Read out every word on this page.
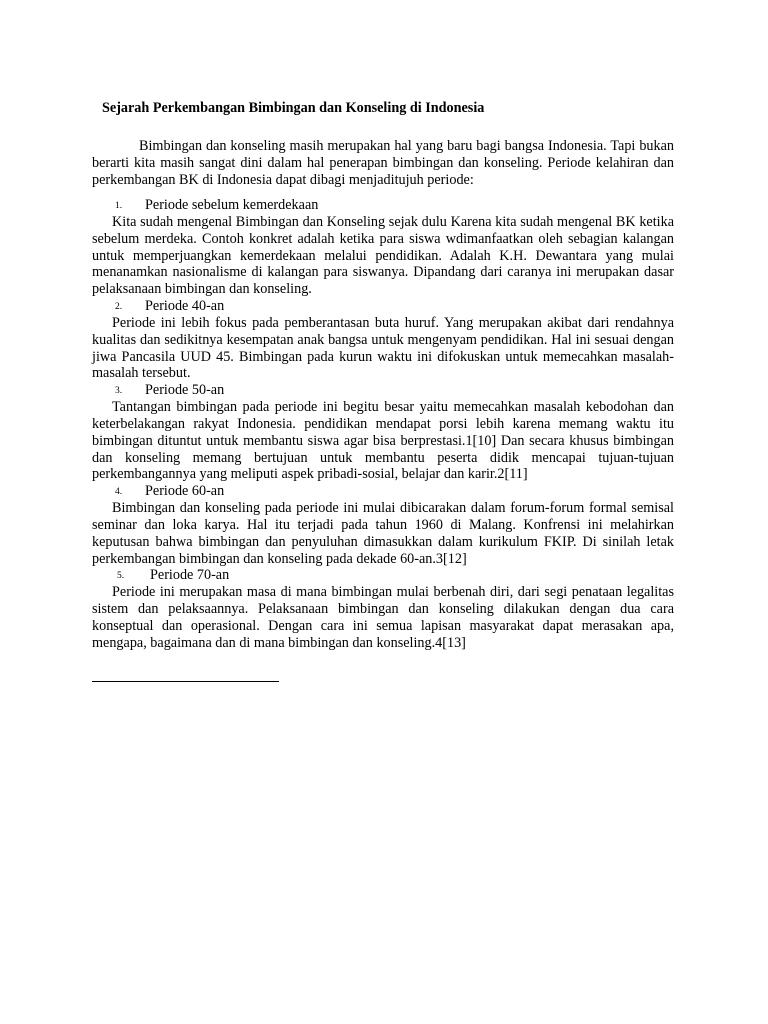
Sejarah Perkembangan Bimbingan dan Konseling di Indonesia

Bimbingan dan konseling masih merupakan hal yang baru bagi bangsa Indonesia. Tapi bukan berarti kita masih sangat dini dalam hal penerapan bimbingan dan konseling. Periode kelahiran dan perkembangan BK di Indonesia dapat dibagi menjaditujuh periode:

1. Periode sebelum kemerdekaan

Kita sudah mengenal Bimbingan dan Konseling sejak dulu Karena kita sudah mengenal BK ketika sebelum merdeka. Contoh konkret adalah ketika para siswa wdimanfaatkan oleh sebagian kalangan untuk memperjuangkan kemerdekaan melalui pendidikan. Adalah K.H. Dewantara yang mulai menanamkan nasionalisme di kalangan para siswanya. Dipandang dari caranya ini merupakan dasar pelaksanaan bimbingan dan konseling.

2. Periode 40-an

Periode ini lebih fokus pada pemberantasan buta huruf. Yang merupakan akibat dari rendahnya kualitas dan sedikitnya kesempatan anak bangsa untuk mengenyam pendidikan. Hal ini sesuai dengan jiwa Pancasila UUD 45. Bimbingan pada kurun waktu ini difokuskan untuk memecahkan masalah-masalah tersebut.

3. Periode 50-an

Tantangan bimbingan pada periode ini begitu besar yaitu memecahkan masalah kebodohan dan keterbelakangan rakyat Indonesia. pendidikan mendapat porsi lebih karena memang waktu itu bimbingan dituntut untuk membantu siswa agar bisa berprestasi.1[10] Dan secara khusus bimbingan dan konseling memang bertujuan untuk membantu peserta didik mencapai tujuan-tujuan perkembangannya yang meliputi aspek pribadi-sosial, belajar dan karir.2[11]

4. Periode 60-an

Bimbingan dan konseling pada periode ini mulai dibicarakan dalam forum-forum formal semisal seminar dan loka karya. Hal itu terjadi pada tahun 1960 di Malang. Konfrensi ini melahirkan keputusan bahwa bimbingan dan penyuluhan dimasukkan dalam kurikulum FKIP. Di sinilah letak perkembangan bimbingan dan konseling pada dekade 60-an.3[12]

5. Periode 70-an

Periode ini merupakan masa di mana bimbingan mulai berbenah diri, dari segi penataan legalitas sistem dan pelaksaannya. Pelaksanaan bimbingan dan konseling dilakukan dengan dua cara konseptual dan operasional. Dengan cara ini semua lapisan masyarakat dapat merasakan apa, mengapa, bagaimana dan di mana bimbingan dan konseling.4[13]
